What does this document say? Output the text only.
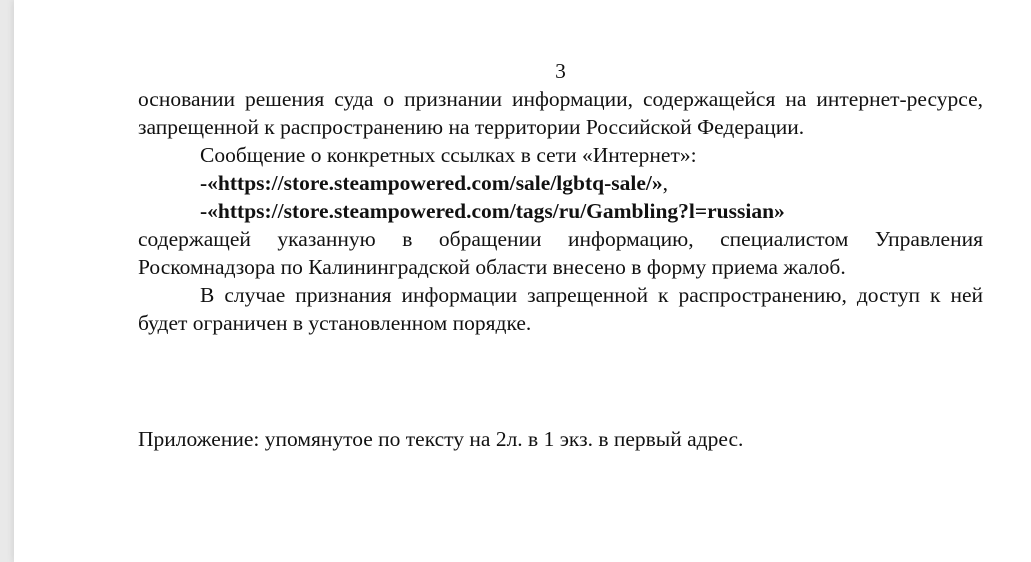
3

основании решения суда о признании информации, содержащейся на интернет-ресурсе, запрещенной к распространению на территории Российской Федерации.

Сообщение о конкретных ссылках в сети «Интернет»:

-«https://store.steampowered.com/sale/lgbtq-sale/»,

-«https://store.steampowered.com/tags/ru/Gambling?l=russian»

содержащей указанную в обращении информацию, специалистом Управления Роскомнадзора по Калининградской области внесено в форму приема жалоб.

В случае признания информации запрещенной к распространению, доступ к ней будет ограничен в установленном порядке.

Приложение: упомянутое по тексту на 2л. в 1 экз. в первый адрес.
